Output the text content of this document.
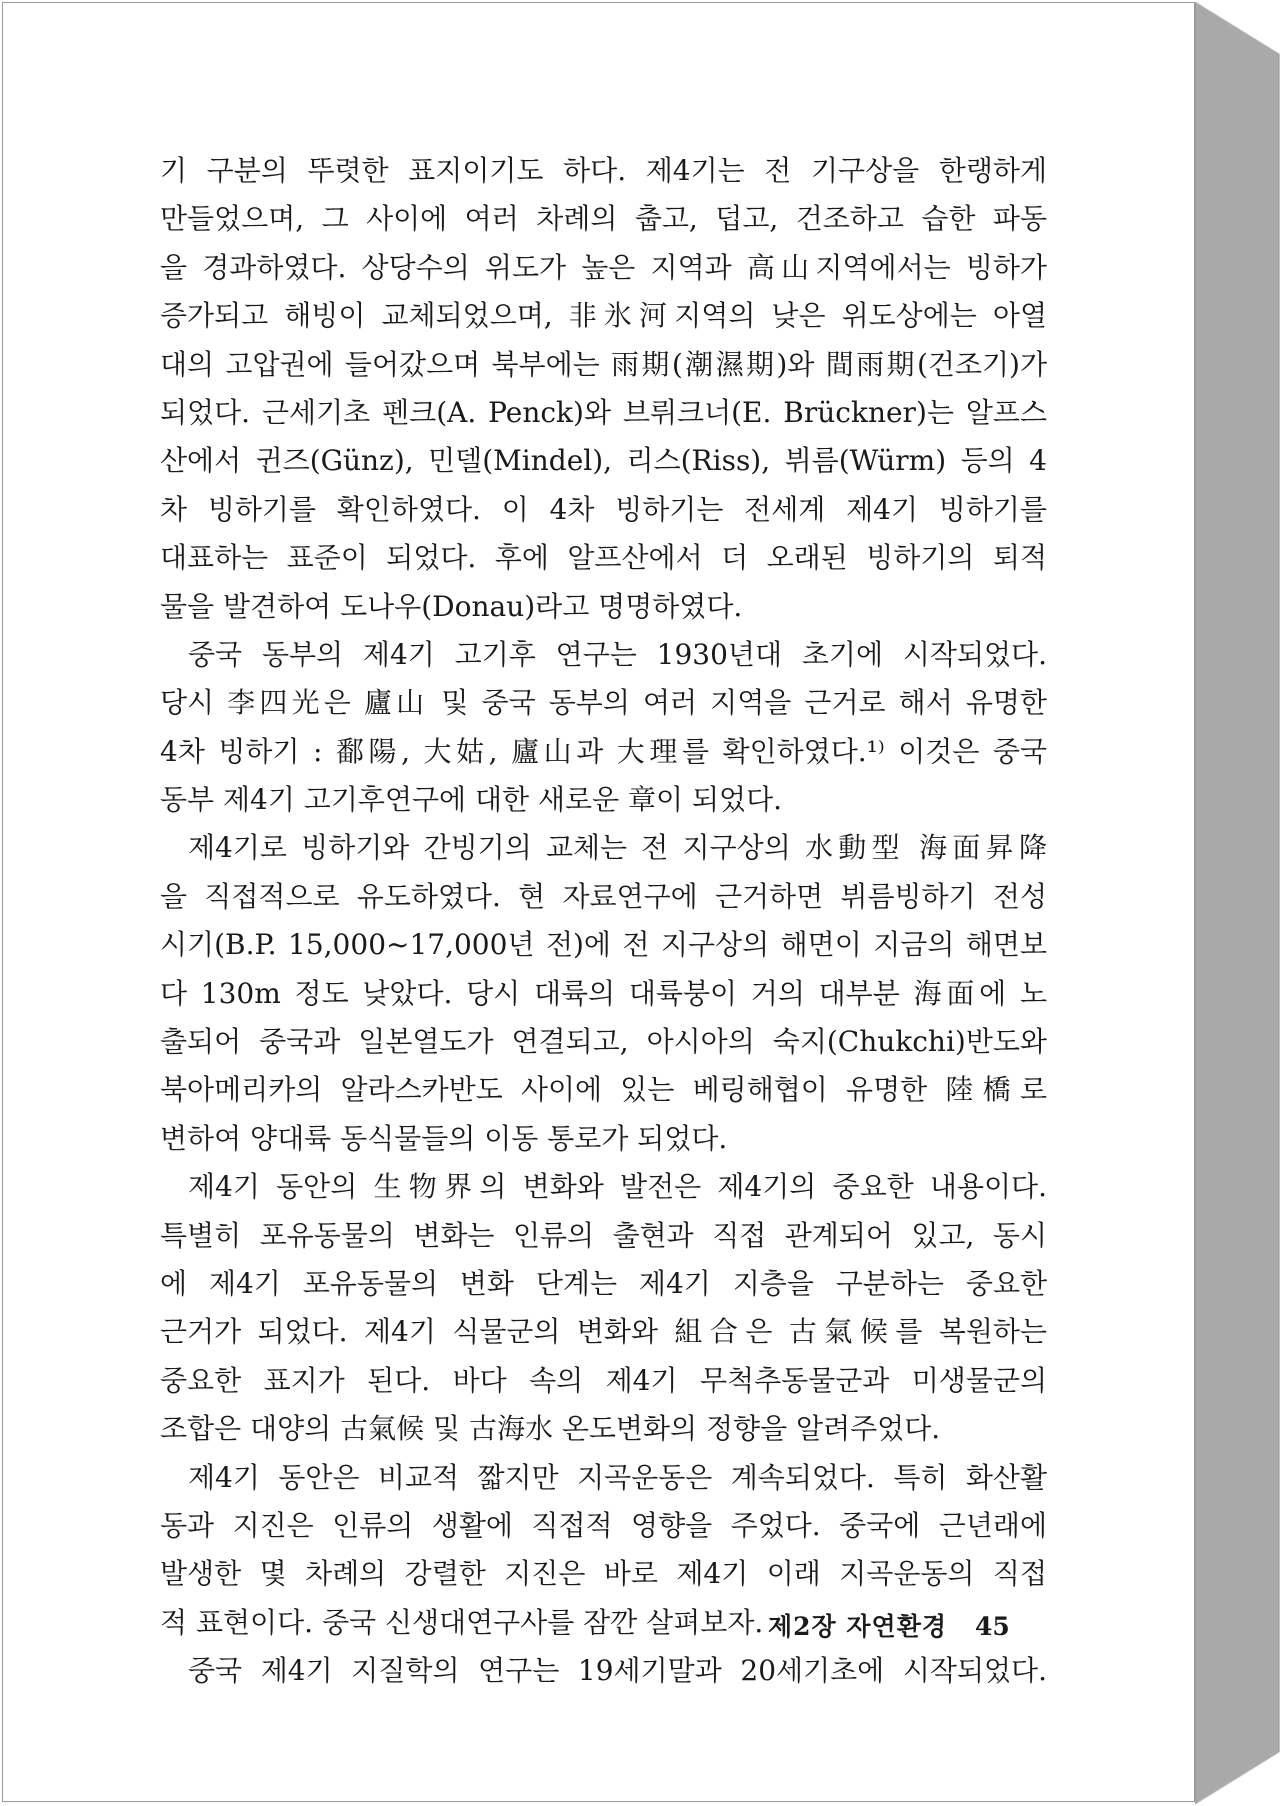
기 구분의 뚜렷한 표지이기도 하다. 제4기는 전 기구상을 한랭하게
만들었으며, 그 사이에 여러 차례의 춥고, 덥고, 건조하고 습한 파동
을 경과하였다. 상당수의 위도가 높은 지역과 高山지역에서는 빙하가
증가되고 해빙이 교체되었으며, 非氷河지역의 낮은 위도상에는 아열
대의 고압권에 들어갔으며 북부에는 雨期(潮濕期)와 間雨期(건조기)가
되었다. 근세기초 펜크(A. Penck)와 브뤼크너(E. Brückner)는 알프스
산에서 귄즈(Günz), 민델(Mindel), 리스(Riss), 뷔름(Würm) 등의 4
차 빙하기를 확인하였다. 이 4차 빙하기는 전세계 제4기 빙하기를
대표하는 표준이 되었다. 후에 알프산에서 더 오래된 빙하기의 퇴적
물을 발견하여 도나우(Donau)라고 명명하였다.
중국 동부의 제4기 고기후 연구는 1930년대 초기에 시작되었다.
당시 李四光은 廬山 및 중국 동부의 여러 지역을 근거로 해서 유명한
4차 빙하기 : 鄱陽, 大姑, 廬山과 大理를 확인하였다.¹⁾ 이것은 중국
동부 제4기 고기후연구에 대한 새로운 章이 되었다.
제4기로 빙하기와 간빙기의 교체는 전 지구상의 水動型 海面昇降
을 직접적으로 유도하였다. 현 자료연구에 근거하면 뷔름빙하기 전성
시기(B.P. 15,000~17,000년 전)에 전 지구상의 해면이 지금의 해면보
다 130m 정도 낮았다. 당시 대륙의 대륙붕이 거의 대부분 海面에 노
출되어 중국과 일본열도가 연결되고, 아시아의 숙지(Chukchi)반도와
북아메리카의 알라스카반도 사이에 있는 베링해협이 유명한 陸橋로
변하여 양대륙 동식물들의 이동 통로가 되었다.
제4기 동안의 生物界의 변화와 발전은 제4기의 중요한 내용이다.
특별히 포유동물의 변화는 인류의 출현과 직접 관계되어 있고, 동시
에 제4기 포유동물의 변화 단계는 제4기 지층을 구분하는 중요한
근거가 되었다. 제4기 식물군의 변화와 組合은 古氣候를 복원하는
중요한 표지가 된다. 바다 속의 제4기 무척추동물군과 미생물군의
조합은 대양의 古氣候 및 古海水 온도변화의 정향을 알려주었다.
제4기 동안은 비교적 짧지만 지곡운동은 계속되었다. 특히 화산활
동과 지진은 인류의 생활에 직접적 영향을 주었다. 중국에 근년래에
발생한 몇 차례의 강렬한 지진은 바로 제4기 이래 지곡운동의 직접
적 표현이다. 중국 신생대연구사를 잠깐 살펴보자.
중국 제4기 지질학의 연구는 19세기말과 20세기초에 시작되었다.
제2장 자연환경 45
